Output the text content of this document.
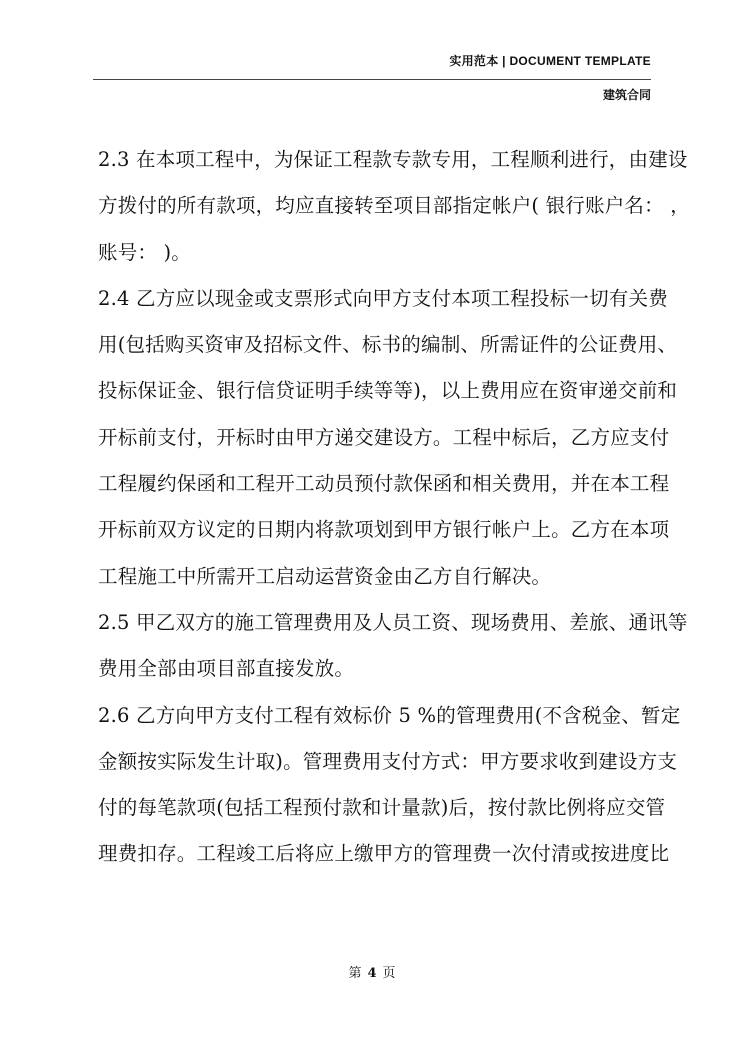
实用范本 | DOCUMENT TEMPLATE
建筑合同

2.3 在本项工程中，为保证工程款专款专用，工程顺利进行，由建设
方拨付的所有款项，均应直接转至项目部指定帐户( 银行账户名： ，
账号： )。

2.4 乙方应以现金或支票形式向甲方支付本项工程投标一切有关费
用(包括购买资审及招标文件、标书的编制、所需证件的公证费用、
投标保证金、银行信贷证明手续等等)，以上费用应在资审递交前和
开标前支付，开标时由甲方递交建设方。工程中标后，乙方应支付
工程履约保函和工程开工动员预付款保函和相关费用，并在本工程
开标前双方议定的日期内将款项划到甲方银行帐户上。乙方在本项
工程施工中所需开工启动运营资金由乙方自行解决。

2.5 甲乙双方的施工管理费用及人员工资、现场费用、差旅、通讯等
费用全部由项目部直接发放。

2.6 乙方向甲方支付工程有效标价 5 %的管理费用(不含税金、暂定
金额按实际发生计取)。管理费用支付方式：甲方要求收到建设方支
付的每笔款项(包括工程预付款和计量款)后，按付款比例将应交管
理费扣存。工程竣工后将应上缴甲方的管理费一次付清或按进度比

第 4 页
